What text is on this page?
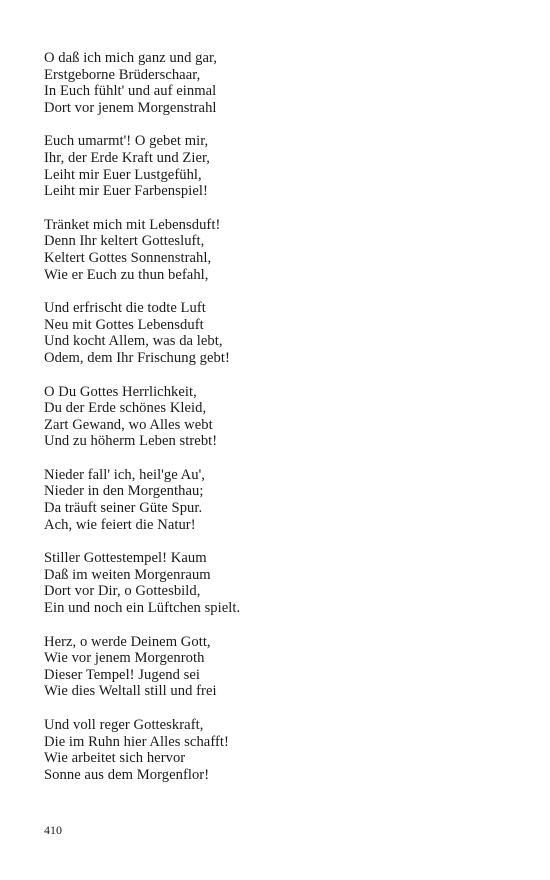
O daß ich mich ganz und gar,
Erstgeborne Brüderschaar,
In Euch fühlt' und auf einmal
Dort vor jenem Morgenstrahl
Euch umarmt'! O gebet mir,
Ihr, der Erde Kraft und Zier,
Leiht mir Euer Lustgefühl,
Leiht mir Euer Farbenspiel!
Tränket mich mit Lebensduft!
Denn Ihr keltert Gottesluft,
Keltert Gottes Sonnenstrahl,
Wie er Euch zu thun befahl,
Und erfrischt die todte Luft
Neu mit Gottes Lebensduft
Und kocht Allem, was da lebt,
Odem, dem Ihr Frischung gebt!
O Du Gottes Herrlichkeit,
Du der Erde schönes Kleid,
Zart Gewand, wo Alles webt
Und zu höherm Leben strebt!
Nieder fall' ich, heil'ge Au',
Nieder in den Morgenthau;
Da träuft seiner Güte Spur.
Ach, wie feiert die Natur!
Stiller Gottestempel! Kaum
Daß im weiten Morgenraum
Dort vor Dir, o Gottesbild,
Ein und noch ein Lüftchen spielt.
Herz, o werde Deinem Gott,
Wie vor jenem Morgenroth
Dieser Tempel! Jugend sei
Wie dies Weltall still und frei
Und voll reger Gotteskraft,
Die im Ruhn hier Alles schafft!
Wie arbeitet sich hervor
Sonne aus dem Morgenflor!
410
